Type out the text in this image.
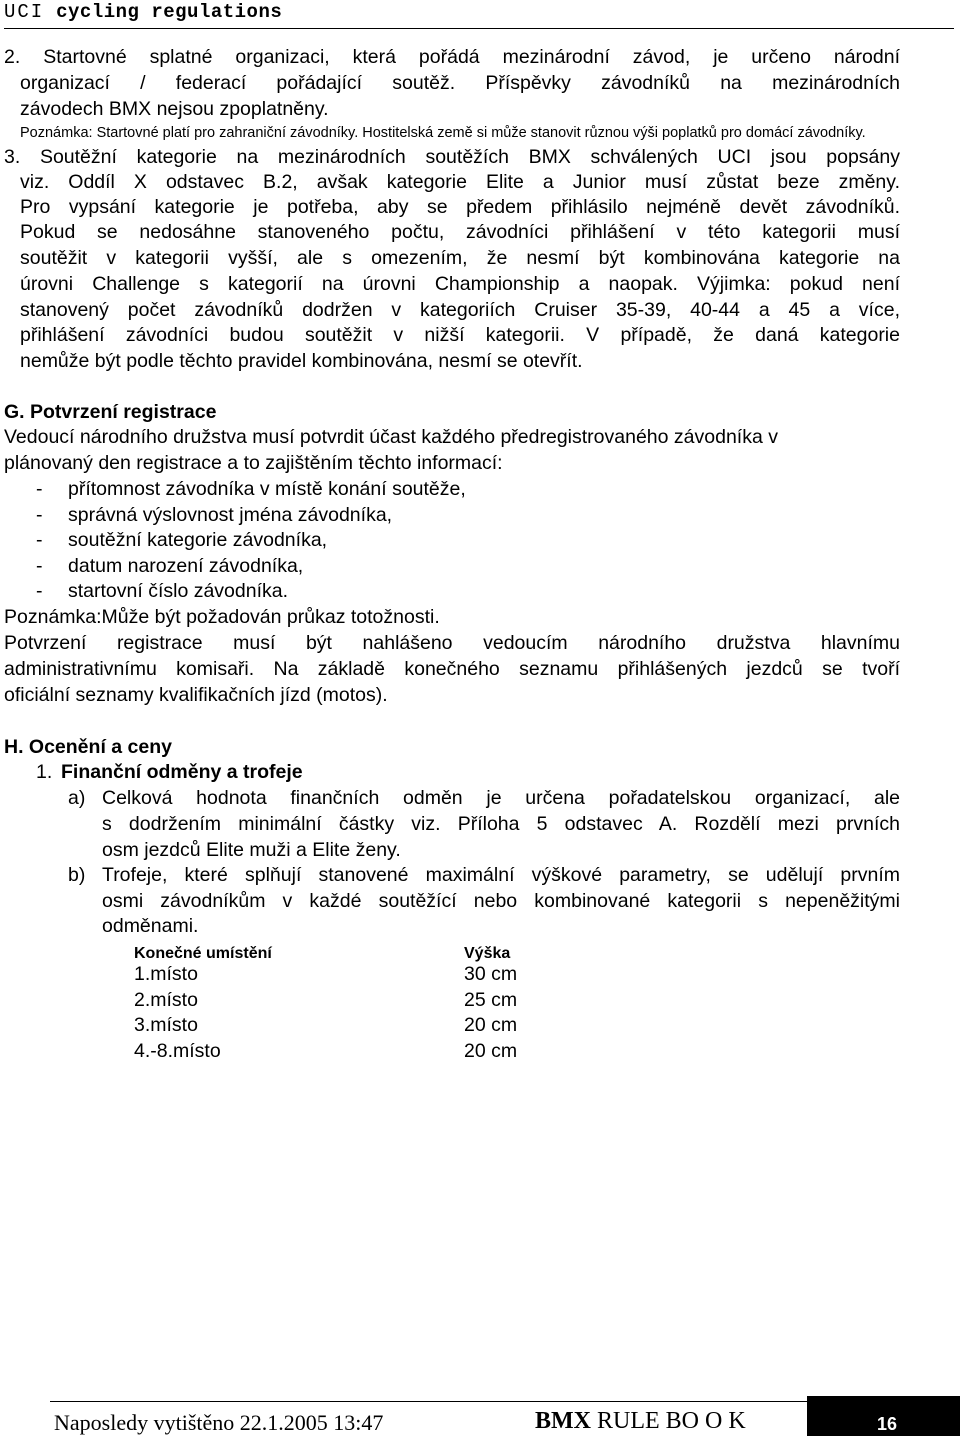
UCI cycling regulations
2. Startovné splatné organizaci, která pořádá mezinárodní závod, je určeno národní
organizací / federací pořádající soutěž. Příspěvky závodníků na mezinárodních
závodech BMX nejsou zpoplatněny.
Poznámka: Startovné platí pro zahraniční závodníky. Hostitelská země si může stanovit různou výši poplatků pro domácí závodníky.
3. Soutěžní kategorie na mezinárodních soutěžích BMX schválených UCI jsou popsány
viz. Oddíl X odstavec B.2, avšak kategorie Elite a Junior musí zůstat beze změny.
Pro vypsání kategorie je potřeba, aby se předem přihlásilo nejméně devět závodníků.
Pokud se nedosáhne stanoveného počtu, závodníci přihlášení v této kategorii musí
soutěžit v kategorii vyšší, ale s omezením, že nesmí být kombinována kategorie na
úrovni Challenge s kategorií na úrovni Championship a naopak. Výjimka: pokud není
stanovený počet závodníků dodržen v kategoriích Cruiser 35-39, 40-44 a 45 a více,
přihlášení závodníci budou soutěžit v nižší kategorii. V případě, že daná kategorie
nemůže být podle těchto pravidel kombinována, nesmí se otevřít.
G. Potvrzení registrace
Vedoucí národního družstva musí potvrdit účast každého předregistrovaného závodníka v
plánovaný den registrace a to zajištěním těchto informací:
- přítomnost závodníka v místě konání soutěže,
- správná výslovnost jména závodníka,
- soutěžní kategorie závodníka,
- datum narození závodníka,
- startovní číslo závodníka.
Poznámka:Může být požadován průkaz totožnosti.
Potvrzení registrace musí být nahlášeno vedoucím národního družstva hlavnímu
administrativnímu komisaři. Na základě konečného seznamu přihlášených jezdců se tvoří
oficiální seznamy kvalifikačních jízd (motos).
H. Ocenění a ceny
1. Finanční odměny a trofeje
a) Celková hodnota finančních odměn je určena pořadatelskou organizací, ale
s dodržením minimální částky viz. Příloha 5 odstavec A. Rozdělí mezi prvních
osm jezdců Elite muži a Elite ženy.
b) Trofeje, které splňují stanovené maximální výškové parametry, se udělují prvním
osmi závodníkům v každé soutěžící nebo kombinované kategorii s nepeněžitými
odměnami.
Konečné umístění	Výška
1.místo	30 cm
2.místo	25 cm
3.místo	20 cm
4.-8.místo	20 cm
Naposledy vytištěno 22.1.2005 13:47	BMX RULE BO O K	16
